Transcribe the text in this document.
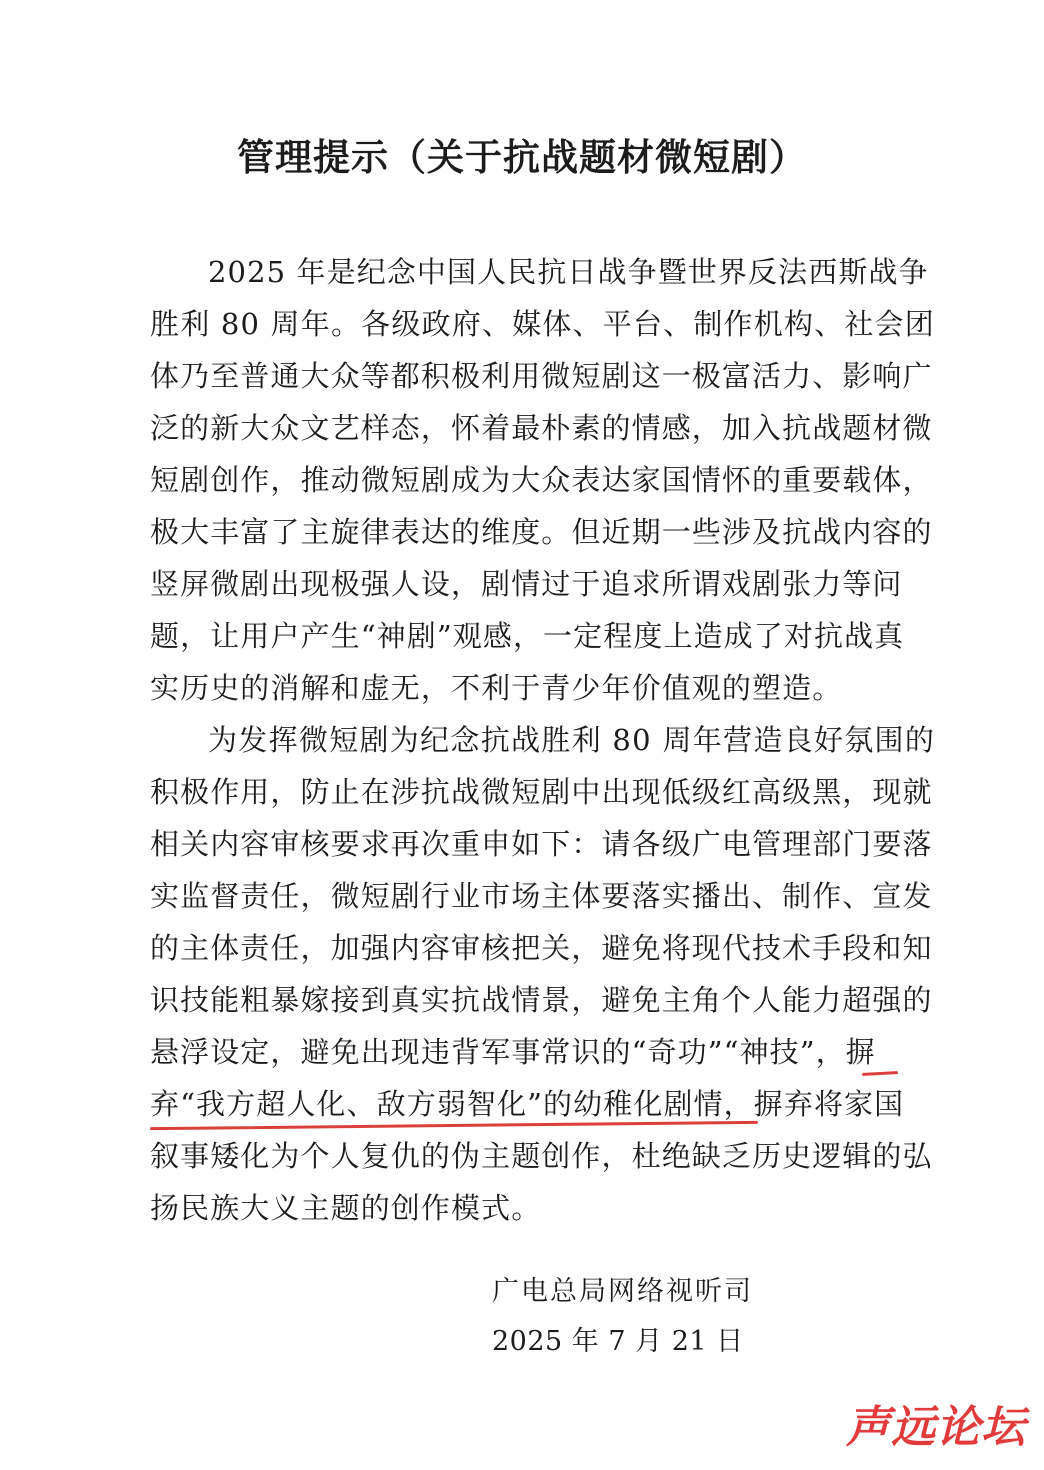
管理提示（关于抗战题材微短剧）

2025 年是纪念中国人民抗日战争暨世界反法西斯战争

胜利 80 周年。各级政府、媒体、平台、制作机构、社会团

体乃至普通大众等都积极利用微短剧这一极富活力、影响广

泛的新大众文艺样态，怀着最朴素的情感，加入抗战题材微

短剧创作，推动微短剧成为大众表达家国情怀的重要载体，

极大丰富了主旋律表达的维度。但近期一些涉及抗战内容的

竖屏微剧出现极强人设，剧情过于追求所谓戏剧张力等问

题，让用户产生“神剧”观感，一定程度上造成了对抗战真

实历史的消解和虚无，不利于青少年价值观的塑造。

为发挥微短剧为纪念抗战胜利 80 周年营造良好氛围的

积极作用，防止在涉抗战微短剧中出现低级红高级黑，现就

相关内容审核要求再次重申如下：请各级广电管理部门要落

实监督责任，微短剧行业市场主体要落实播出、制作、宣发

的主体责任，加强内容审核把关，避免将现代技术手段和知

识技能粗暴嫁接到真实抗战情景，避免主角个人能力超强的

悬浮设定，避免出现违背军事常识的“奇功”“神技”，摒

弃“我方超人化、敌方弱智化”的幼稚化剧情，摒弃将家国

叙事矮化为个人复仇的伪主题创作，杜绝缺乏历史逻辑的弘

扬民族大义主题的创作模式。

广电总局网络视听司
2025 年 7 月 21 日
声远论坛
